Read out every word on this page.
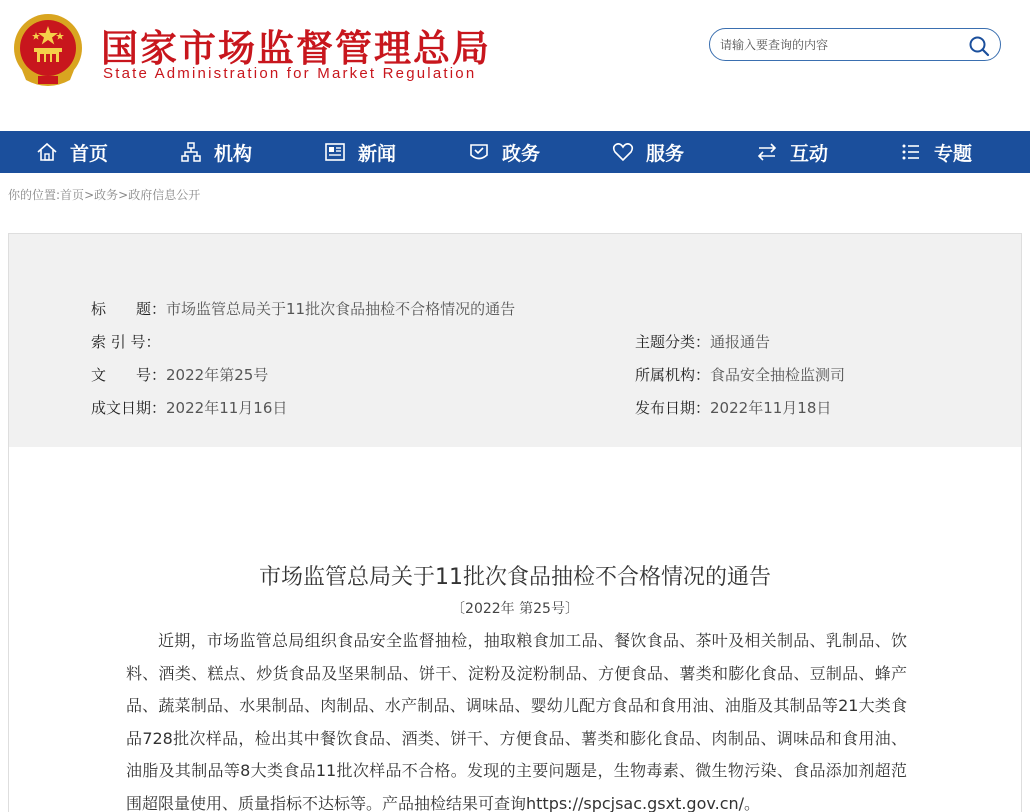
国家市场监督管理总局
State Administration for Market Regulation
请输入要查询的内容
首页	机构	新闻	政务	服务	互动	专题
你的位置:首页>政务>政府信息公开
标　　题：市场监管总局关于11批次食品抽检不合格情况的通告
索 引 号：	主题分类：通报通告
文　　号：2022年第25号	所属机构：食品安全抽检监测司
成文日期：2022年11月16日	发布日期：2022年11月18日
市场监管总局关于11批次食品抽检不合格情况的通告
〔2022年 第25号〕
近期，市场监管总局组织食品安全监督抽检，抽取粮食加工品、餐饮食品、茶叶及相关制品、乳制品、饮料、酒类、糕点、炒货食品及坚果制品、饼干、淀粉及淀粉制品、方便食品、薯类和膨化食品、豆制品、蜂产品、蔬菜制品、水果制品、肉制品、水产制品、调味品、婴幼儿配方食品和食用油、油脂及其制品等21大类食品728批次样品，检出其中餐饮食品、酒类、饼干、方便食品、薯类和膨化食品、肉制品、调味品和食用油、油脂及其制品等8大类食品11批次样品不合格。发现的主要问题是，生物毒素、微生物污染、食品添加剂超范围超限量使用、质量指标不达标等。产品抽检结果可查询https://spcjsac.gsxt.gov.cn/。
